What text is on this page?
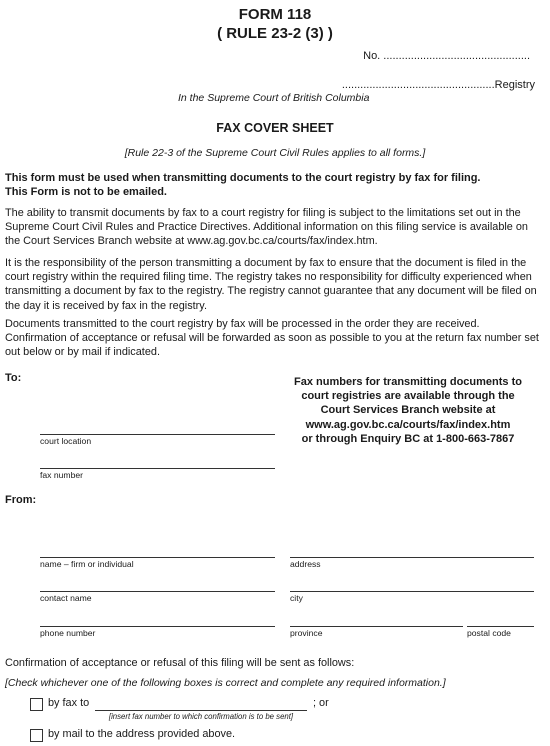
FORM 118
( RULE 23-2 (3) )
No. ................................................
..................................................Registry
In the Supreme Court of British Columbia
FAX COVER SHEET
[Rule 22-3 of the Supreme Court Civil Rules applies to all forms.]
This form must be used when transmitting documents to the court registry by fax for filing.
This Form is not to be emailed.
The ability to transmit documents by fax to a court registry for filing is subject to the limitations set out in the Supreme Court Civil Rules and Practice Directives. Additional information on this filing service is available on the Court Services Branch website at www.ag.gov.bc.ca/courts/fax/index.htm.
It is the responsibility of the person transmitting a document by fax to ensure that the document is filed in the court registry within the required filing time. The registry takes no responsibility for difficulty experienced when transmitting a document by fax to the registry. The registry cannot guarantee that any document will be filed on the day it is received by fax in the registry.
Documents transmitted to the court registry by fax will be processed in the order they are received. Confirmation of acceptance or refusal will be forwarded as soon as possible to you at the return fax number set out below or by mail if indicated.
To:
court location
fax number
Fax numbers for transmitting documents to
court registries are available through the
Court Services Branch website at
www.ag.gov.bc.ca/courts/fax/index.htm
or through Enquiry BC at 1-800-663-7867
From:
name – firm or individual	address
contact name	city
phone number	province	postal code
Confirmation of acceptance or refusal of this filing will be sent as follows:
[Check whichever one of the following boxes is correct and complete any required information.]
by fax to
[insert fax number to which confirmation is to be sent]
; or
by mail to the address provided above.
